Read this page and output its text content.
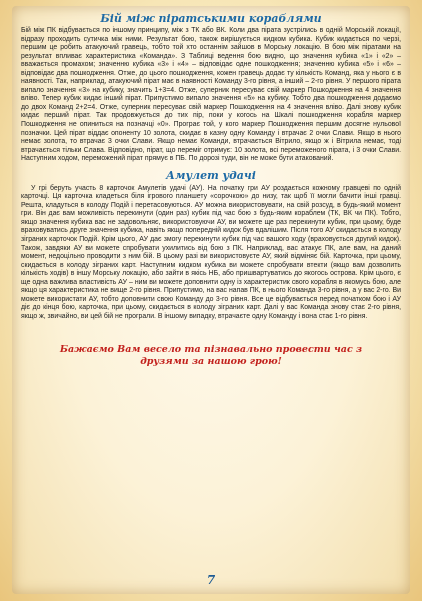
Бій між піратськими кораблями

Бій між ПК відбувається по іншому принципу, між з ТК або ВК. Коли два пірата зустрілись в одній Морській локації, відразу проходить сутичка між ними. Результат бою, також вирішується кидком кубика. Кубик кидається по черзі, першим це робить атакуючий гравець, тобто той хто останнім зайшов в Морську локацію. В бою між піратами на результат впливає характеристика «Команда». З Таблиці ведення бою видно, що значення кубика «1» і «2» – вважається промахом; значенню кубика «3» і «4» – відповідає одне пошкодження; значенню кубика «5» і «6» – відповідає два пошкодження. Отже, до цього пошкодження, кожен гравець додає ту кількість Команд, яка у нього є в наявності. Так, наприклад, атакуючий пірат має в наявності Команду 3-го рівня, а інший – 2-го рівня. У першого пірата випало значення «3» на кубику, значить 1+3=4. Отже, суперник пересуває свій маркер Пошкодження на 4 значення вліво. Тепер кубик кидає інший пірат. Припустимо випало значення «5» на кубику. Тобто два пошкодження додаємо до двох Команд 2+2=4. Отже, суперник пересуває свій маркер Пошкодження на 4 значення вліво. Далі знову кубик кидає перший пірат. Так продовжується до тих пір, поки у когось на Шкалі пошкодження корабля маркер Пошкодження не опиниться на позначці «0». Програє той, у кого маркер Пошкодження першим досягне нульової позначки. Цей пірат віддає опоненту 10 золота, скидає в казну одну Команду і втрачає 2 очки Слави. Якщо в нього немає золота, то втрачає 3 очки Слави. Якщо немає Команди, втрачається Вітрило, якщо ж і Вітрила немає, тоді втрачається тільки Слава. Відповідно, пірат, що переміг отримує: 10 золота, всі переможеного пірата, і 3 очки Слави. Наступним ходом, переможений пірат прямує в ПБ. По дорозі туди, він не може бути атакований.

Амулет удачі

У грі беруть участь 8 карточок Амулетів удачі (АУ). На початку гри АУ роздається кожному гравцеві по одній карточці. Ця карточка кладеться біля ігрового планшету «сорочкою» до низу, так щоб її могли бачити інші гравці. Решта, кладуться в колоду Подій і перетасовуються. АУ можна використовувати, на свій розсуд, в будь-який момент гри. Він дає вам можливість перекинути (один раз) кубик під час бою з будь-яким кораблем (ТК, ВК чи ПК). Тобто, якщо значення кубика вас не задовольняє, використовуючи АУ, ви можете ще раз перекинути кубик, при цьому, буде враховуватись друге значення кубика, навіть якщо попередній кидок був вдалішим. Після того АУ скидається в колоду зіграних карточок Подій. Крім цього, АУ дає змогу перекинути кубик під час вашого ходу (враховується другий кидок). Також, завдяки АУ ви можете спробувати ухилитись від бою з ПК. Наприклад, вас атакує ПК, але вам, на даний момент, недоцільно проводити з ним бій. В цьому разі ви використовуєте АУ, який відміняє бій. Карточка, при цьому, скидається в колоду зіграних карт. Наступним кидком кубика ви можете спробувати втекти (якщо вам дозволить кількість ходів) в іншу Морську локацію, або зайти в якісь НБ, або пришвартуватись до якогось острова. Крім цього, є ще одна важлива властивість АУ – ним ви можете доповнити одну із характеристик свого корабля в якомусь бою, але якщо ця характеристика не вище 2-го рівня. Припустимо, на вас напав ПК, в нього Команда 3-го рівня, а у вас 2-го. Ви можете використати АУ, тобто доповнити свою Команду до 3-го рівня. Все це відбувається перед початком бою і АУ діє до кінця бою, карточка, при цьому, скидається в колоду зіграних карт. Далі у вас Команда знову стає 2-го рівня, якщо ж, звичайно, ви цей бій не програли. В іншому випадку, втрачаєте одну Команду і вона стає 1-го рівня.

Бажаємо Вам весело та пізнавально провести час з друзями за нашою грою!
7
